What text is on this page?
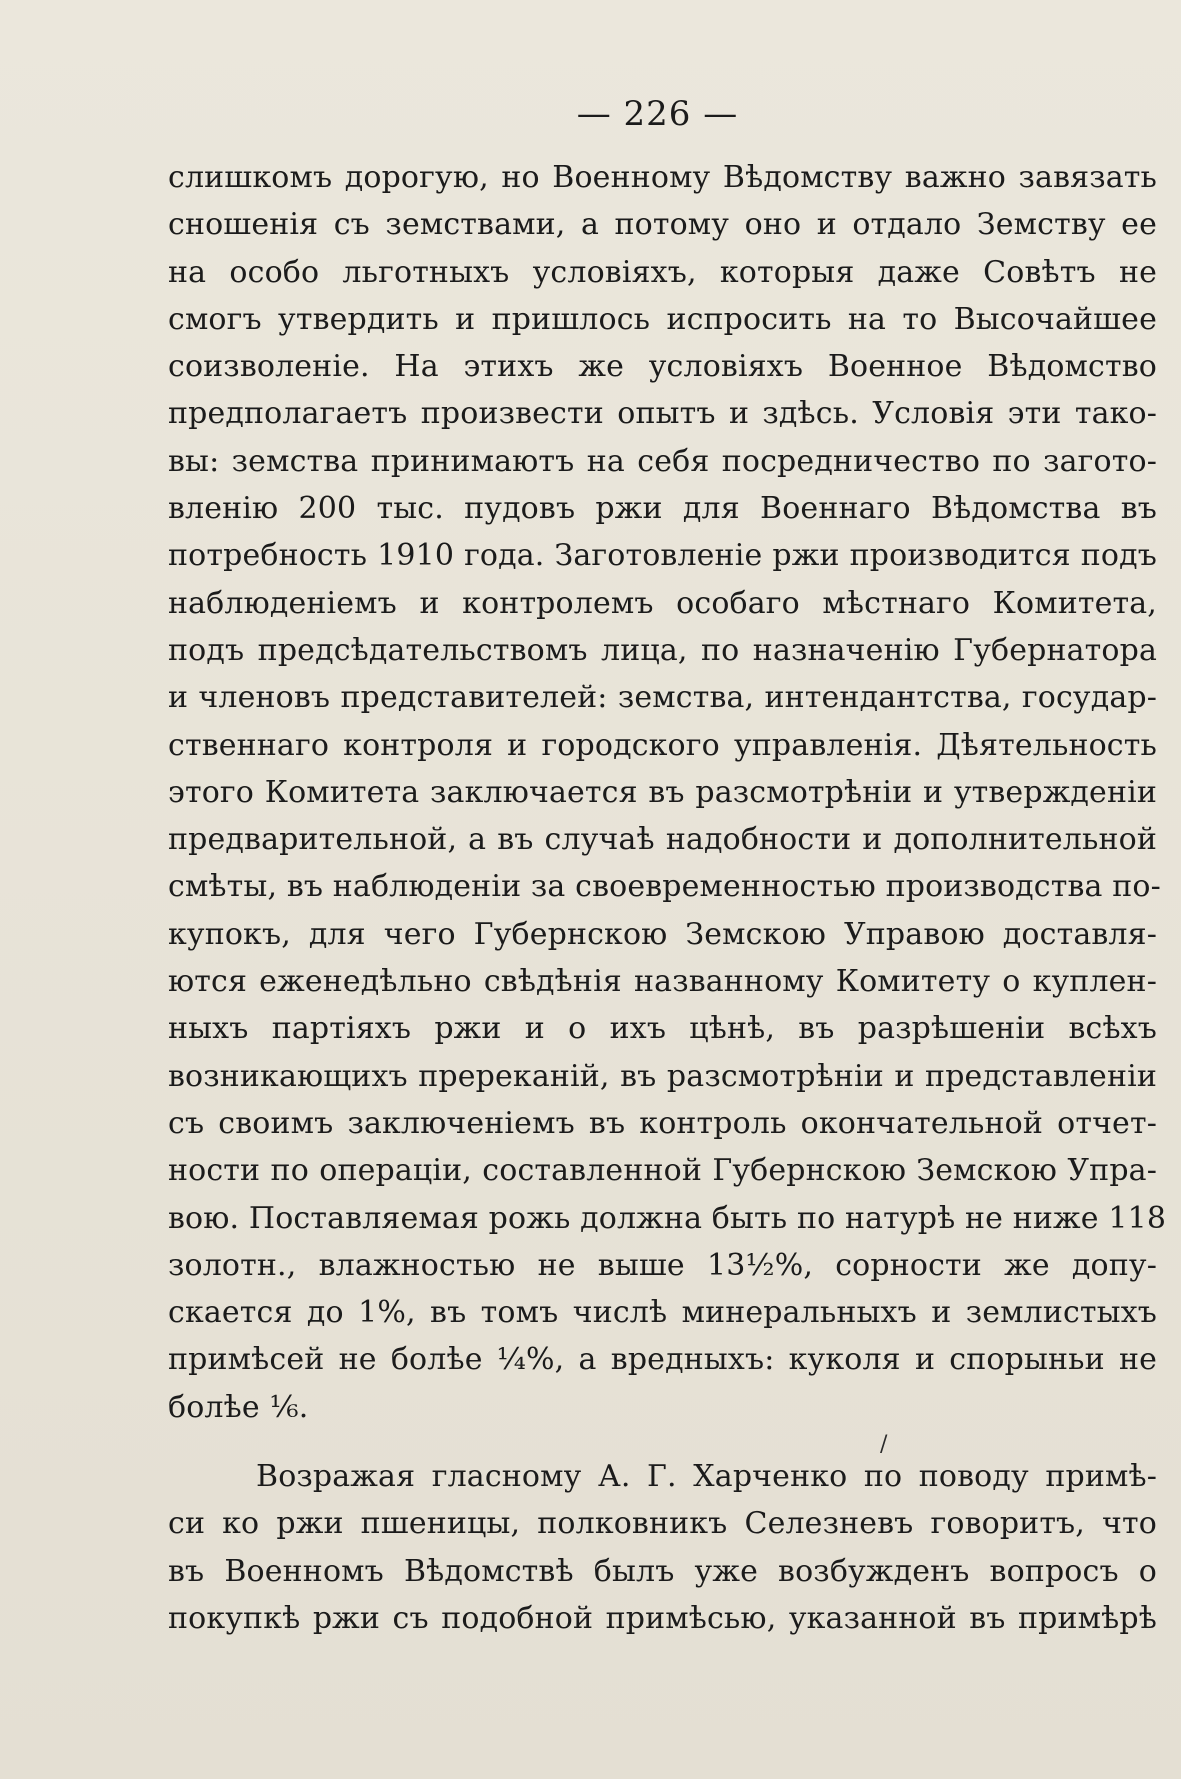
— 226 —
слишкомъ дорогую, но Военному Вѣдомству важно завязать
сношенія съ земствами, а потому оно и отдало Земству ее
на особо льготныхъ условіяхъ, которыя даже Совѣтъ не
смогъ утвердить и пришлось испросить на то Высочайшее
соизволеніе. На этихъ же условіяхъ Военное Вѣдомство
предполагаетъ произвести опытъ и здѣсь. Условія эти тако-
вы: земства принимаютъ на себя посредничество по загото-
вленію 200 тыс. пудовъ ржи для Военнаго Вѣдомства въ
потребность 1910 года. Заготовленіе ржи производится подъ
наблюденіемъ и контролемъ особаго мѣстнаго Комитета,
подъ предсѣдательствомъ лица, по назначенію Губернатора
и членовъ представителей: земства, интендантства, государ-
ственнаго контроля и городского управленія. Дѣятельность
этого Комитета заключается въ разсмотрѣніи и утвержденіи
предварительной, а въ случаѣ надобности и дополнительной
смѣты, въ наблюденіи за своевременностью производства по-
купокъ, для чего Губернскою Земскою Управою доставля-
ются еженедѣльно свѣдѣнія названному Комитету о куплен-
ныхъ партіяхъ ржи и о ихъ цѣнѣ, въ разрѣшеніи всѣхъ
возникающихъ пререканій, въ разсмотрѣніи и представленіи
съ своимъ заключеніемъ въ контроль окончательной отчет-
ности по операціи, составленной Губернскою Земскою Упра-
вою. Поставляемая рожь должна быть по натурѣ не ниже 118
золотн., влажностью не выше 13½%, сорности же допу-
скается до 1%, въ томъ числѣ минеральныхъ и землистыхъ
примѣсей не болѣе ¼%, а вредныхъ: куколя и спорыньи не
болѣе ⅙.
Возражая гласному А. Г. Харченко по поводу примѣ-
си ко ржи пшеницы, полковникъ Селезневъ говоритъ, что
въ Военномъ Вѣдомствѣ былъ уже возбужденъ вопросъ о
покупкѣ ржи съ подобной примѣсью, указанной въ примѣрѣ
/
